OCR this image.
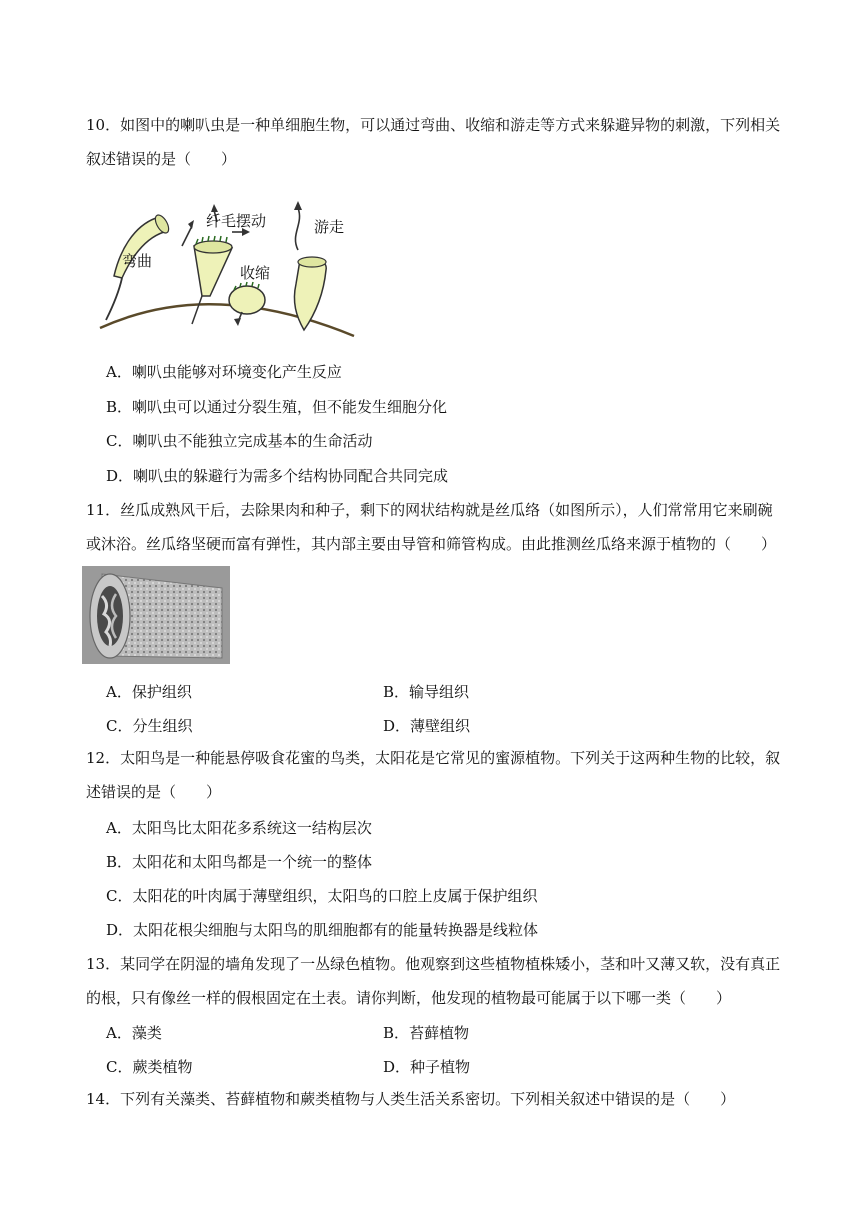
10．如图中的喇叭虫是一种单细胞生物，可以通过弯曲、收缩和游走等方式来躲避异物的刺激，下列相关叙述错误的是（　　）

纤毛摆动	游走
弯曲
收缩
A．喇叭虫能够对环境变化产生反应
B．喇叭虫可以通过分裂生殖，但不能发生细胞分化
C．喇叭虫不能独立完成基本的生命活动
D．喇叭虫的躲避行为需多个结构协同配合共同完成

11．丝瓜成熟风干后，去除果肉和种子，剩下的网状结构就是丝瓜络（如图所示），人们常常用它来刷碗或沐浴。丝瓜络坚硬而富有弹性，其内部主要由导管和筛管构成。由此推测丝瓜络来源于植物的（　　）

A．保护组织	B．输导组织
C．分生组织	D．薄壁组织

12．太阳鸟是一种能悬停吸食花蜜的鸟类，太阳花是它常见的蜜源植物。下列关于这两种生物的比较，叙述错误的是（　　）

A．太阳鸟比太阳花多系统这一结构层次
B．太阳花和太阳鸟都是一个统一的整体
C．太阳花的叶肉属于薄壁组织，太阳鸟的口腔上皮属于保护组织
D．太阳花根尖细胞与太阳鸟的肌细胞都有的能量转换器是线粒体

13．某同学在阴湿的墙角发现了一丛绿色植物。他观察到这些植物植株矮小，茎和叶又薄又软，没有真正的根，只有像丝一样的假根固定在土表。请你判断，他发现的植物最可能属于以下哪一类（　　）

A．藻类	B．苔藓植物
C．蕨类植物	D．种子植物

14．下列有关藻类、苔藓植物和蕨类植物与人类生活关系密切。下列相关叙述中错误的是（　　）
